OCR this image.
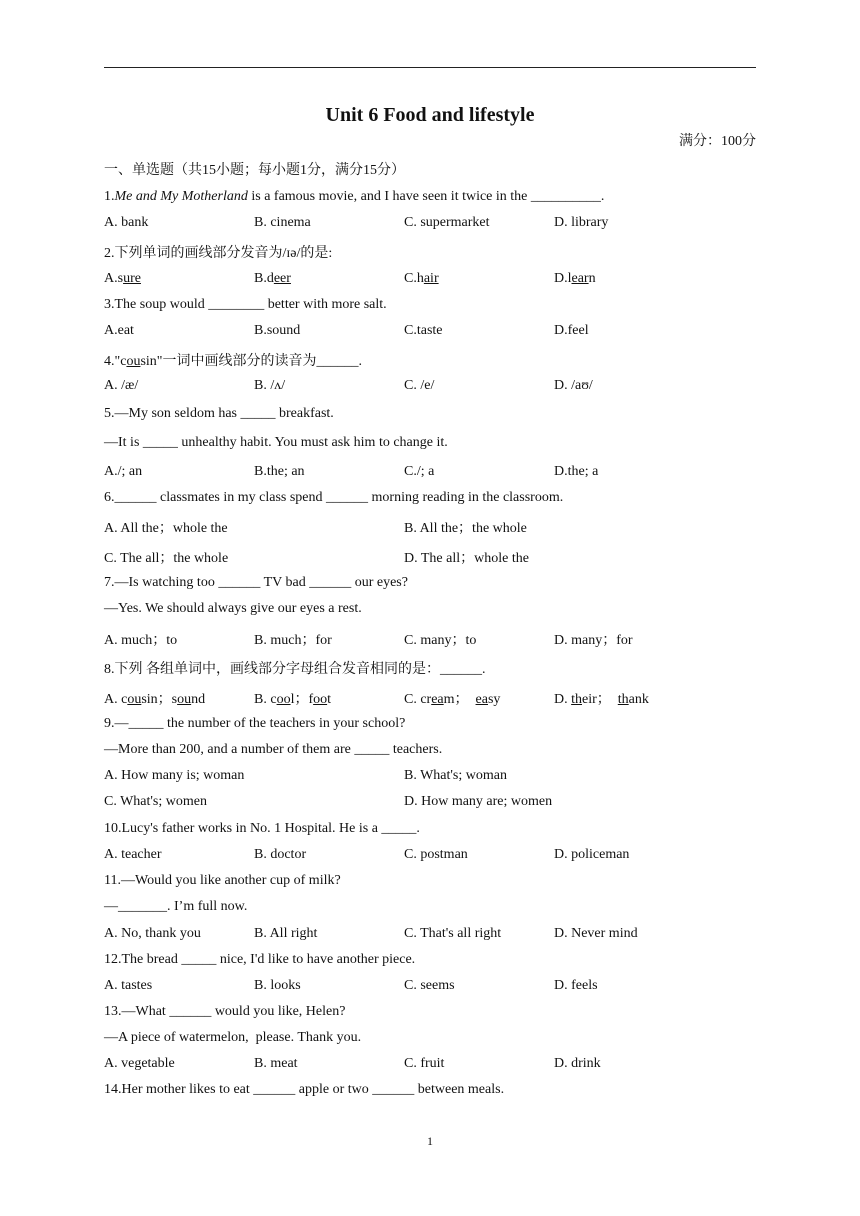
Unit 6 Food and lifestyle
满分：100分
一、单选题（共15小题；每小题1分，满分15分）
1.Me and My Motherland is a famous movie, and I have seen it twice in the __________.
A. bank	B. cinema	C. supermarket	D. library
2.下列单词的画线部分发音为/ɪə/的是:
A.sure	B.deer	C.hair	D.learn
3.The soup would ________ better with more salt.
A.eat	B.sound	C.taste	D.feel
4."cousin"一词中画线部分的读音为______.
A. /æ/	B. /ʌ/	C. /e/	D. /aʊ/
5.—My son seldom has _____ breakfast.
—It is _____ unhealthy habit. You must ask him to change it.
A./; an	B.the; an	C./; a	D.the; a
6.______ classmates in my class spend ______ morning reading in the classroom.
A. All the；whole the	B. All the；the whole
C. The all；the whole	D. The all；whole the
7.—Is watching too ______ TV bad ______ our eyes?
—Yes. We should always give our eyes a rest.
A. much；to	B. much；for	C. many；to	D. many；for
8.下列 各组单词中，画线部分字母组合发音相同的是：______.
A. cousin；sound	B. cool；foot	C. cream；  easy	D. their；  thank
9.—_____ the number of the teachers in your school?
—More than 200, and a number of them are _____ teachers.
A. How many is; woman	B. What's; woman
C. What's; women	D. How many are; women
10.Lucy's father works in No. 1 Hospital. He is a _____.
A. teacher	B. doctor	C. postman	D. policeman
11.—Would you like another cup of milk?
—_______. I’m full now.
A. No, thank you	B. All right	C. That's all right	D. Never mind
12.The bread _____ nice, I'd like to have another piece.
A. tastes	B. looks	C. seems	D. feels
13.—What ______ would you like, Helen?
—A piece of watermelon,  please. Thank you.
A. vegetable	B. meat	C. fruit	D. drink
14.Her mother likes to eat ______ apple or two ______ between meals.
1
